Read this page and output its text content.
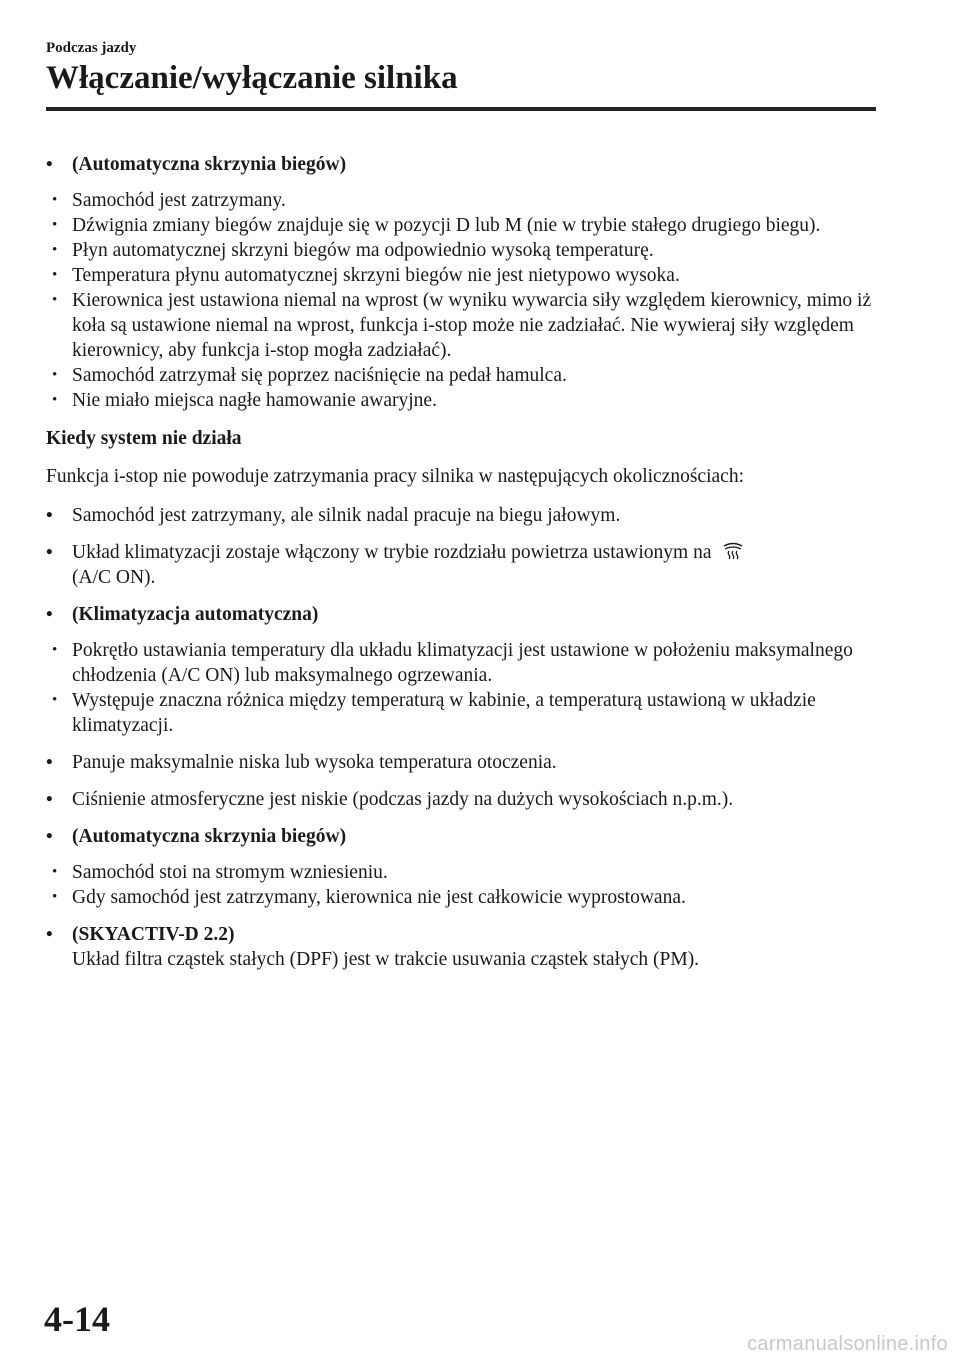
Podczas jazdy
Włączanie/wyłączanie silnika
• (Automatyczna skrzynia biegów)
• Samochód jest zatrzymany.
• Dźwignia zmiany biegów znajduje się w pozycji D lub M (nie w trybie stałego drugiego biegu).
• Płyn automatycznej skrzyni biegów ma odpowiednio wysoką temperaturę.
• Temperatura płynu automatycznej skrzyni biegów nie jest nietypowo wysoka.
• Kierownica jest ustawiona niemal na wprost (w wyniku wywarcia siły względem kierownicy, mimo iż koła są ustawione niemal na wprost, funkcja i-stop może nie zadziałać. Nie wywieraj siły względem kierownicy, aby funkcja i-stop mogła zadziałać).
• Samochód zatrzymał się poprzez naciśnięcie na pedał hamulca.
• Nie miało miejsca nagłe hamowanie awaryjne.
Kiedy system nie działa
Funkcja i-stop nie powoduje zatrzymania pracy silnika w następujących okolicznościach:
• Samochód jest zatrzymany, ale silnik nadal pracuje na biegu jałowym.
• Układ klimatyzacji zostaje włączony w trybie rozdziału powietrza ustawionym na
(A/C ON).
• (Klimatyzacja automatyczna)
• Pokrętło ustawiania temperatury dla układu klimatyzacji jest ustawione w położeniu maksymalnego chłodzenia (A/C ON) lub maksymalnego ogrzewania.
• Występuje znaczna różnica między temperaturą w kabinie, a temperaturą ustawioną w układzie klimatyzacji.
• Panuje maksymalnie niska lub wysoka temperatura otoczenia.
• Ciśnienie atmosferyczne jest niskie (podczas jazdy na dużych wysokościach n.p.m.).
• (Automatyczna skrzynia biegów)
• Samochód stoi na stromym wzniesieniu.
• Gdy samochód jest zatrzymany, kierownica nie jest całkowicie wyprostowana.
• (SKYACTIV-D 2.2)
Układ filtra cząstek stałych (DPF) jest w trakcie usuwania cząstek stałych (PM).
4-14
carmanualsonline.info
